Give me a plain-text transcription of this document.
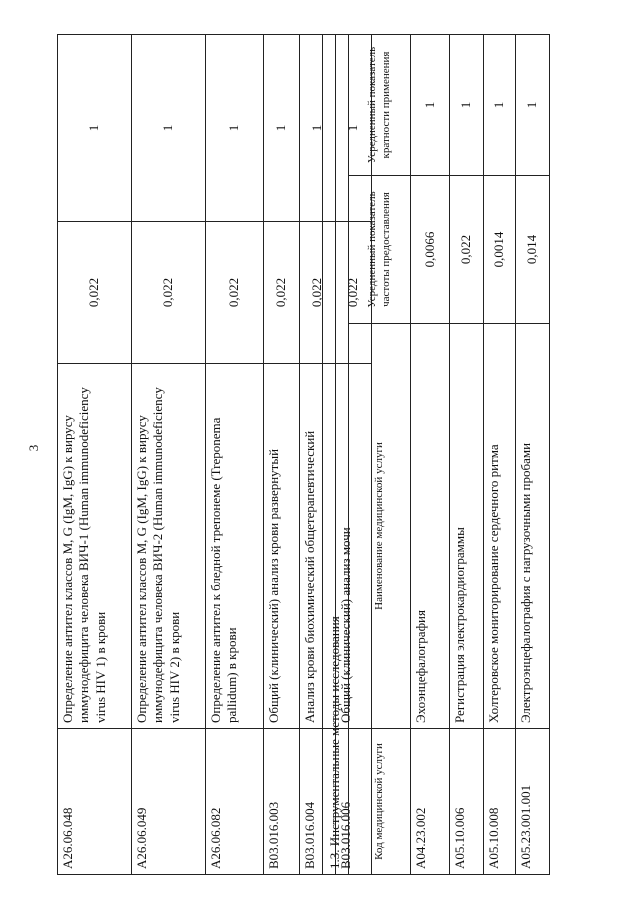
3
A26.06.048	Определение антител классов M, G (IgM, IgG) к вирусу иммунодефицита человека ВИЧ-1 (Human immunodeficiency virus HIV 1) в крови	0,022	1
A26.06.049	Определение антител классов M, G (IgM, IgG) к вирусу иммунодефицита человека ВИЧ-2 (Human immunodeficiency virus HIV 2) в крови	0,022	1
A26.06.082	Определение антител к бледной трепонеме (Treponema pallidum) в крови	0,022	1
B03.016.003	Общий (клинический) анализ крови развернутый	0,022	1
B03.016.004	Анализ крови биохимический общетерапевтический	0,022	1
B03.016.006	Общий (клинический) анализ мочи	0,022	1
1.3. Инструментальные методы исследования			
Код медицинской услуги	Наименование медицинской услуги	Усредненный показатель частоты предоставления	Усредненный показатель кратности применения
A04.23.002	Эхоэнцефалография	0,0066	1
A05.10.006	Регистрация электрокардиограммы	0,022	1
A05.10.008	Холтеровское мониторирование сердечного ритма	0,0014	1
A05.23.001.001	Электроэнцефалография с нагрузочными пробами	0,014	1
